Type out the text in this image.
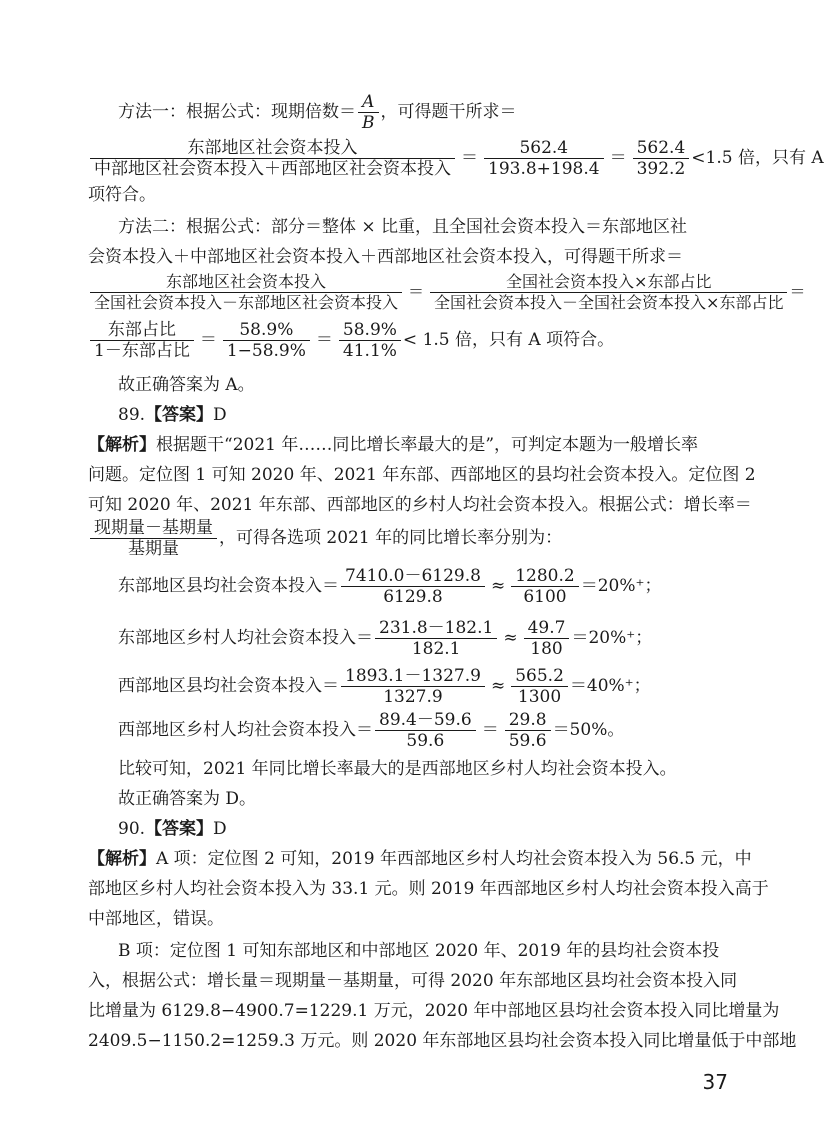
方法一：根据公式：现期倍数＝ $\frac{A}{B}$ ，可得题干所求＝
$\frac{\text{东部地区社会资本投入}}{\text{中部地区社会资本投入＋西部地区社会资本投入}} = \frac{562.4}{193.8+198.4} = \frac{562.4}{392.2} <1.5$ 倍，只有 A
项符合。
方法二：根据公式：部分＝整体 × 比重，且全国社会资本投入＝东部地区社
会资本投入＋中部地区社会资本投入＋西部地区社会资本投入，可得题干所求＝
$\frac{\text{东部地区社会资本投入}}{\text{全国社会资本投入－东部地区社会资本投入}} = \frac{\text{全国社会资本投入×东部占比}}{\text{全国社会资本投入－全国社会资本投入×东部占比}}$ ＝
$\frac{\text{东部占比}}{\text{1－东部占比}} = \frac{58.9\%}{1-58.9\%} = \frac{58.9\%}{41.1\%} < 1.5$ 倍，只有 A 项符合。
故正确答案为 A。
89.【答案】D
【解析】根据题干“2021 年……同比增长率最大的是”，可判定本题为一般增长率
问题。定位图 1 可知 2020 年、2021 年东部、西部地区的县均社会资本投入。定位图 2
可知 2020 年、2021 年东部、西部地区的乡村人均社会资本投入。根据公式：增长率＝
$\frac{\text{现期量－基期量}}{\text{基期量}}$ ，可得各选项 2021 年的同比增长率分别为：
东部地区县均社会资本投入＝ $\frac{7410.0-6129.8}{6129.8} \approx \frac{1280.2}{6100} =20\%^+$；
东部地区乡村人均社会资本投入＝ $\frac{231.8-182.1}{182.1} \approx \frac{49.7}{180} =20\%^+$；
西部地区县均社会资本投入＝ $\frac{1893.1-1327.9}{1327.9} \approx \frac{565.2}{1300} =40\%^+$；
西部地区乡村人均社会资本投入＝ $\frac{89.4-59.6}{59.6} = \frac{29.8}{59.6} =50\%$。
比较可知，2021 年同比增长率最大的是西部地区乡村人均社会资本投入。
故正确答案为 D。
90.【答案】D
【解析】A 项：定位图 2 可知，2019 年西部地区乡村人均社会资本投入为 56.5 元，中
部地区乡村人均社会资本投入为 33.1 元。则 2019 年西部地区乡村人均社会资本投入高于
中部地区，错误。
B 项：定位图 1 可知东部地区和中部地区 2020 年、2019 年的县均社会资本投
入，根据公式：增长量＝现期量－基期量，可得 2020 年东部地区县均社会资本投入同
比增量为 6129.8−4900.7=1229.1 万元，2020 年中部地区县均社会资本投入同比增量为
2409.5−1150.2=1259.3 万元。则 2020 年东部地区县均社会资本投入同比增量低于中部地
37
